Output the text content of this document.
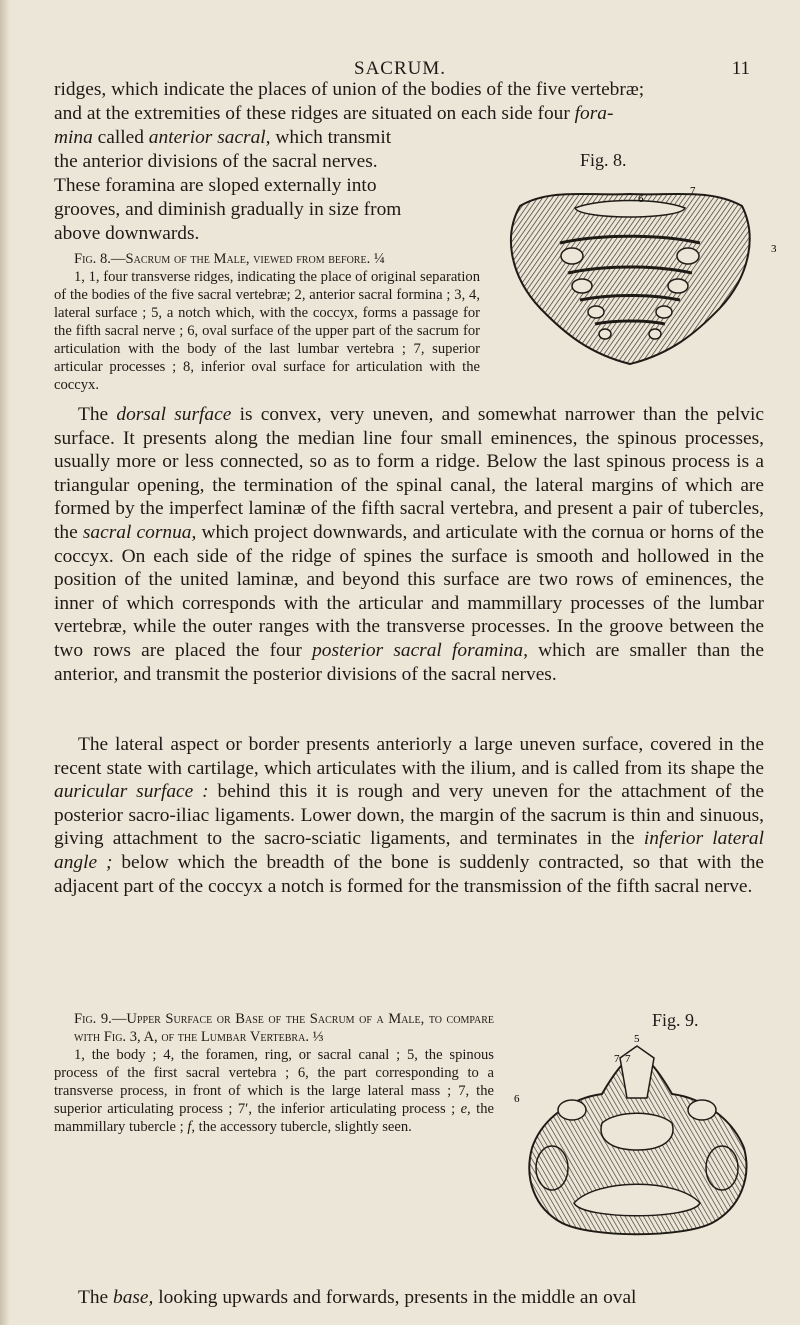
SACRUM.	11
ridges, which indicate the places of union of the bodies of the five vertebræ;
and at the extremities of these ridges are situated on each side four fora-
mina called anterior sacral, which transmit
the anterior divisions of the sacral nerves.
These foramina are sloped externally into
grooves, and diminish gradually in size from
above downwards.
Fig. 8.—Sacrum of the Male, viewed from before. ¼
1, 1, four transverse ridges, indicating the place of original separation of the bodies of the five sacral vertebræ; 2, anterior sacral formina ; 3, 4, lateral surface ; 5, a notch which, with the coccyx, forms a passage for the fifth sacral nerve ; 6, oval surface of the upper part of the sacrum for articulation with the body of the last lumbar vertebra ; 7, superior articular processes ; 8, inferior oval surface for articulation with the coccyx.
Fig. 8.
6
3
7
The dorsal surface is convex, very uneven, and somewhat narrower than the pelvic surface. It presents along the median line four small eminences, the spinous processes, usually more or less connected, so as to form a ridge. Below the last spinous process is a triangular opening, the termination of the spinal canal, the lateral margins of which are formed by the imperfect laminæ of the fifth sacral vertebra, and present a pair of tubercles, the sacral cornua, which project downwards, and articulate with the cornua or horns of the coccyx. On each side of the ridge of spines the surface is smooth and hollowed in the position of the united laminæ, and beyond this surface are two rows of eminences, the inner of which corresponds with the articular and mammillary processes of the lumbar vertebræ, while the outer ranges with the transverse processes. In the groove between the two rows are placed the four posterior sacral foramina, which are smaller than the anterior, and transmit the posterior divisions of the sacral nerves.
The lateral aspect or border presents anteriorly a large uneven surface, covered in the recent state with cartilage, which articulates with the ilium, and is called from its shape the auricular surface : behind this it is rough and very uneven for the attachment of the posterior sacro-iliac ligaments. Lower down, the margin of the sacrum is thin and sinuous, giving attachment to the sacro-sciatic ligaments, and terminates in the inferior lateral angle ; below which the breadth of the bone is suddenly contracted, so that with the adjacent part of the coccyx a notch is formed for the transmission of the fifth sacral nerve.
Fig. 9.—Upper Surface or Base of the Sacrum of a Male, to compare with Fig. 3, A, of the Lumbar Vertebra. ⅓
1, the body ; 4, the foramen, ring, or sacral canal ; 5, the spinous process of the first sacral vertebra ; 6, the part corresponding to a transverse process, in front of which is the large lateral mass ; 7, the superior articulating process ; 7′, the inferior articulating process ; e, the mammillary tubercle ; f, the accessory tubercle, slightly seen.
Fig. 9.
5
7 7
6
The base, looking upwards and forwards, presents in the middle an oval
